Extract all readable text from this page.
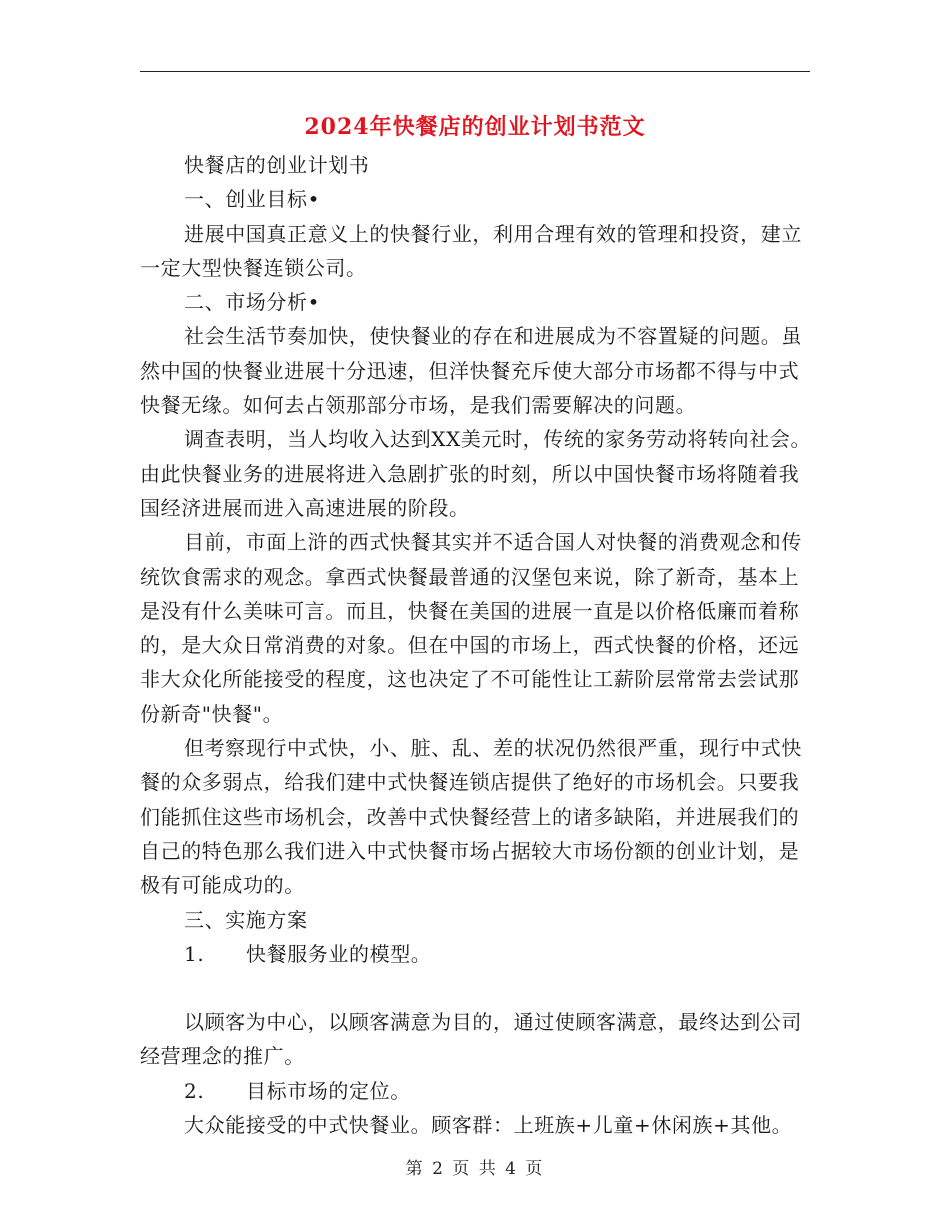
2024年快餐店的创业计划书范文

快餐店的创业计划书

一、创业目标•

进展中国真正意义上的快餐行业，利用合理有效的管理和投资，建立一定大型快餐连锁公司。

二、市场分析•

社会生活节奏加快，使快餐业的存在和进展成为不容置疑的问题。虽然中国的快餐业进展十分迅速，但洋快餐充斥使大部分市场都不得与中式快餐无缘。如何去占领那部分市场，是我们需要解决的问题。

调查表明，当人均收入达到XX美元时，传统的家务劳动将转向社会。由此快餐业务的进展将进入急剧扩张的时刻，所以中国快餐市场将随着我国经济进展而进入高速进展的阶段。

目前，市面上浒的西式快餐其实并不适合国人对快餐的消费观念和传统饮食需求的观念。拿西式快餐最普通的汉堡包来说，除了新奇，基本上是没有什么美味可言。而且，快餐在美国的进展一直是以价格低廉而着称的，是大众日常消费的对象。但在中国的市场上，西式快餐的价格，还远非大众化所能接受的程度，这也决定了不可能性让工薪阶层常常去尝试那份新奇"快餐"。

但考察现行中式快，小、脏、乱、差的状况仍然很严重，现行中式快餐的众多弱点，给我们建中式快餐连锁店提供了绝好的市场机会。只要我们能抓住这些市场机会，改善中式快餐经营上的诸多缺陷，并进展我们的自己的特色那么我们进入中式快餐市场占据较大市场份额的创业计划，是极有可能成功的。

三、实施方案

1. 快餐服务业的模型。

以顾客为中心，以顾客满意为目的，通过使顾客满意，最终达到公司经营理念的推广。

2. 目标市场的定位。

大众能接受的中式快餐业。顾客群：上班族+儿童+休闲族+其他。

第 2 页 共 4 页
